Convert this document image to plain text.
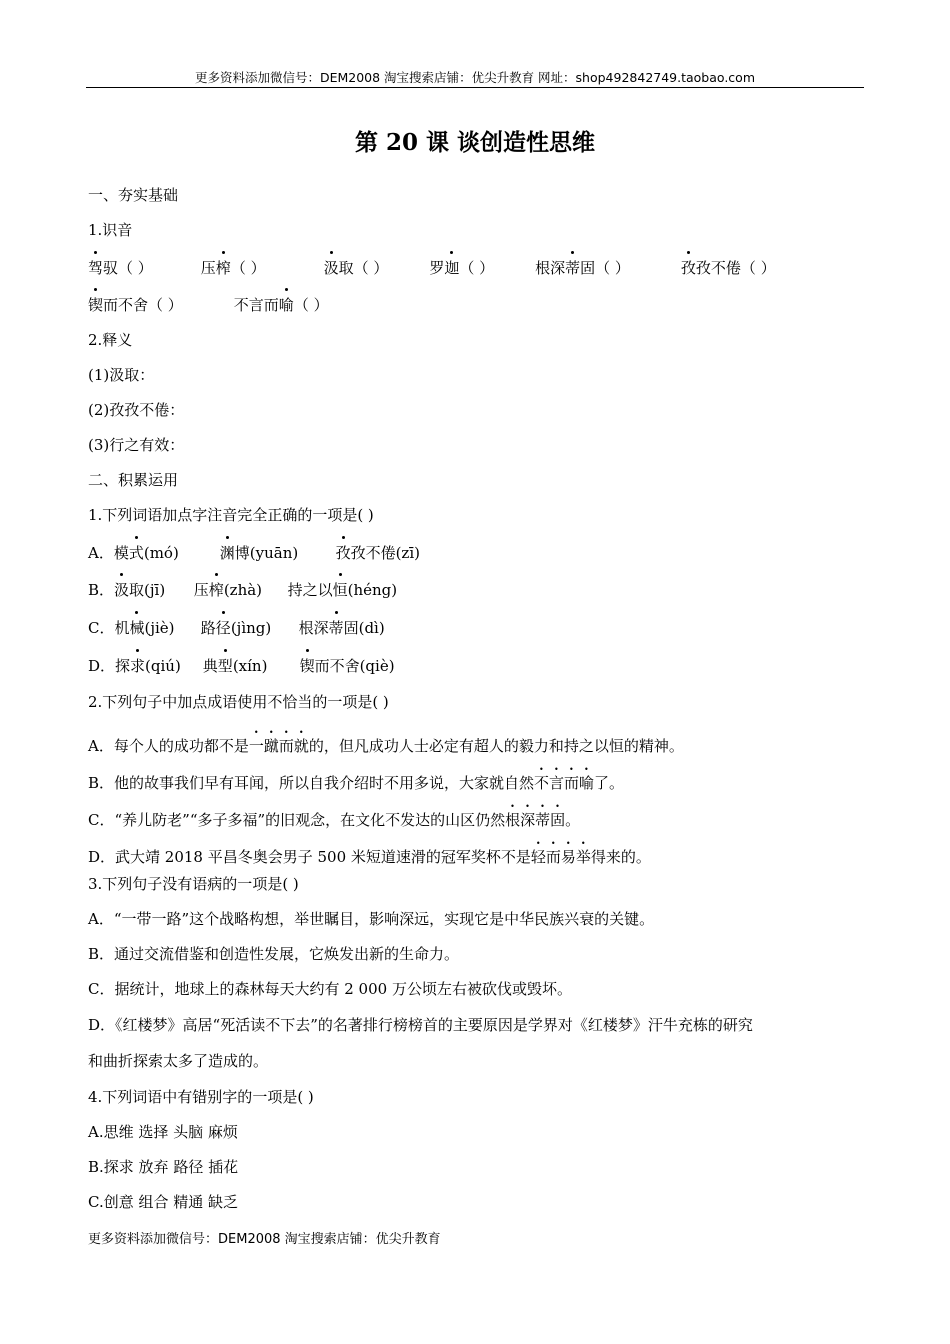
更多资料添加微信号：DEM2008 淘宝搜索店铺：优尖升教育 网址：shop492842749.taobao.com
第 20 课 谈创造性思维
一、夯实基础
1.识音
驾驭（ ）	压榨（ ）	汲取（ ）	罗迦（ ）	根深蒂固（ ）	孜孜不倦（ ）
锲而不舍（ ）	不言而喻（ ）
2.释义
(1)汲取：
(2)孜孜不倦：
(3)行之有效：
二、积累运用
1.下列词语加点字注音完全正确的一项是( )
A．模式(mó)	渊博(yuān) 孜孜不倦(zī)
B．汲取(jī) 压榨(zhà) 持之以恒(héng)
C．机械(jiè) 路径(jìng) 根深蒂固(dì)
D．探求(qiú) 典型(xín) 锲而不舍(qiè)
2.下列句子中加点成语使用不恰当的一项是( )
A．每个人的成功都不是一蹴而就的，但凡成功人士必定有超人的毅力和持之以恒的精神。
B．他的故事我们早有耳闻，所以自我介绍时不用多说，大家就自然不言而喻了。
C．“养儿防老”“多子多福”的旧观念，在文化不发达的山区仍然根深蒂固。
D．武大靖 2018 平昌冬奥会男子 500 米短道速滑的冠军奖杯不是轻而易举得来的。
3.下列句子没有语病的一项是( )
A．“一带一路”这个战略构想，举世瞩目，影响深远，实现它是中华民族兴衰的关键。
B．通过交流借鉴和创造性发展，它焕发出新的生命力。
C．据统计，地球上的森林每天大约有 2 000 万公顷左右被砍伐或毁坏。
D．《红楼梦》高居“死活读不下去”的名著排行榜榜首的主要原因是学界对《红楼梦》汗牛充栋的研究
和曲折探索太多了造成的。
4.下列词语中有错别字的一项是( )
A.思维 选择 头脑 麻烦
B.探求 放弃 路径 插花
C.创意 组合 精通 缺乏
更多资料添加微信号：DEM2008 淘宝搜索店铺：优尖升教育
